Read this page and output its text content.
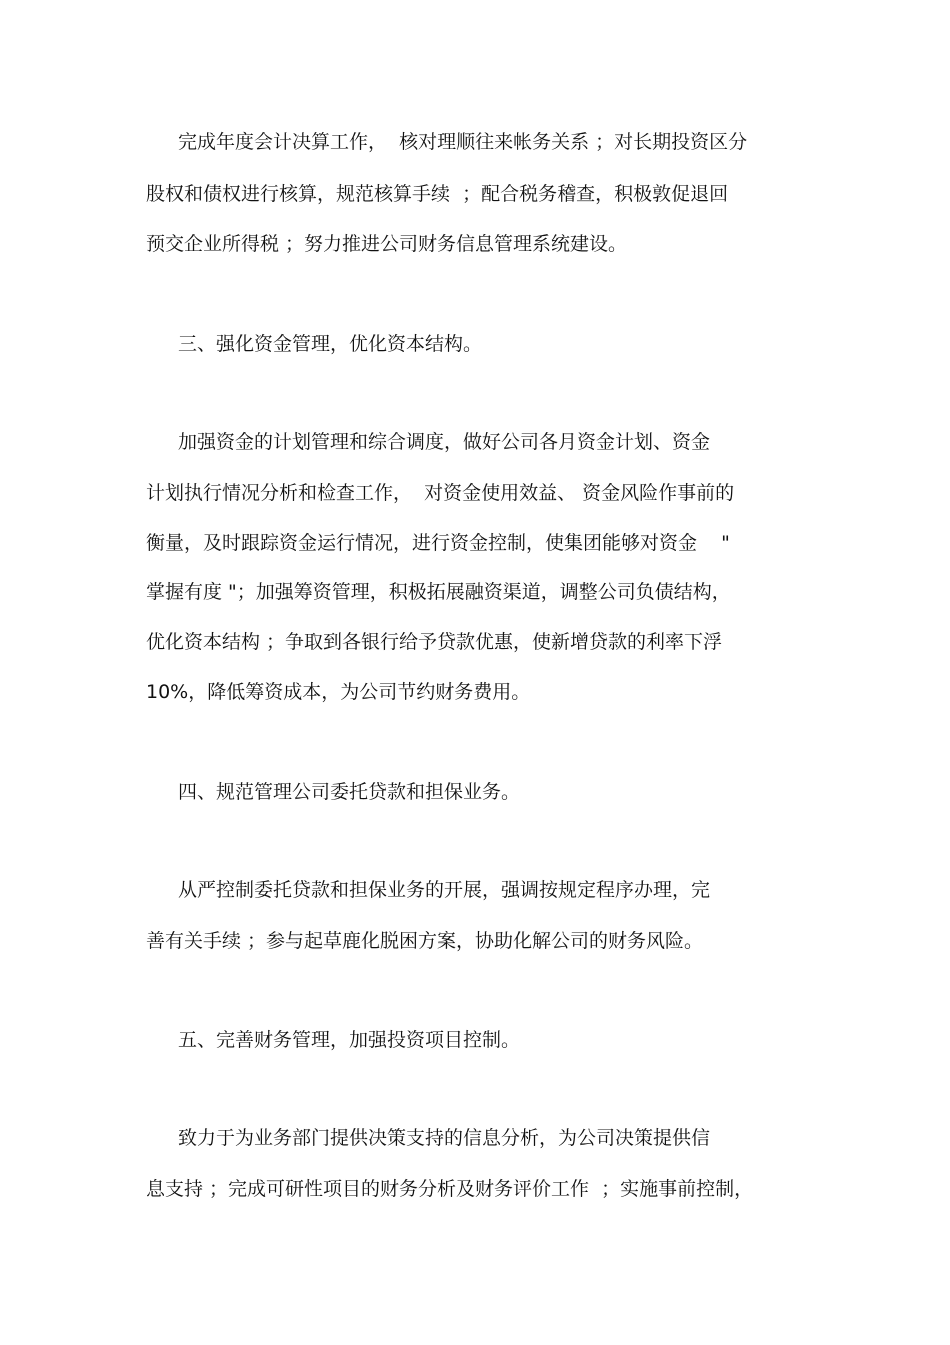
完成年度会计决算工作，  核对理顺往来帐务关系 ；对长期投资区分
股权和债权进行核算，规范核算手续  ；配合税务稽查，积极敦促退回
预交企业所得税 ；努力推进公司财务信息管理系统建设。
三、强化资金管理，优化资本结构。
加强资金的计划管理和综合调度，做好公司各月资金计划、资金
计划执行情况分析和检查工作，  对资金使用效益、 资金风险作事前的
衡量，及时跟踪资金运行情况，进行资金控制，使集团能够对资金    "
掌握有度 "；加强筹资管理，积极拓展融资渠道，调整公司负债结构，
优化资本结构 ；争取到各银行给予贷款优惠，使新增贷款的利率下浮
10%，降低筹资成本，为公司节约财务费用。
四、规范管理公司委托贷款和担保业务。
从严控制委托贷款和担保业务的开展，强调按规定程序办理，完
善有关手续 ；参与起草鹿化脱困方案，协助化解公司的财务风险。
五、完善财务管理，加强投资项目控制。
致力于为业务部门提供决策支持的信息分析，为公司决策提供信
息支持 ；完成可研性项目的财务分析及财务评价工作  ；实施事前控制，
